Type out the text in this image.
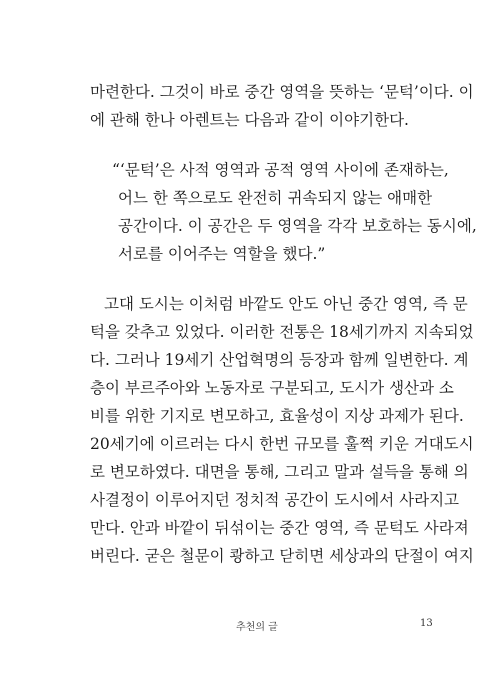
마련한다. 그것이 바로 중간 영역을 뜻하는 ‘문턱’이다. 이
에 관해 한나 아렌트는 다음과 같이 이야기한다.
“‘문턱’은 사적 영역과 공적 영역 사이에 존재하는,
어느 한 쪽으로도 완전히 귀속되지 않는 애매한
공간이다. 이 공간은 두 영역을 각각 보호하는 동시에,
서로를 이어주는 역할을 했다.”
고대 도시는 이처럼 바깥도 안도 아닌 중간 영역, 즉 문
턱을 갖추고 있었다. 이러한 전통은 18세기까지 지속되었
다. 그러나 19세기 산업혁명의 등장과 함께 일변한다. 계
층이 부르주아와 노동자로 구분되고, 도시가 생산과 소
비를 위한 기지로 변모하고, 효율성이 지상 과제가 된다.
20세기에 이르러는 다시 한번 규모를 훌쩍 키운 거대도시
로 변모하였다. 대면을 통해, 그리고 말과 설득을 통해 의
사결정이 이루어지던 정치적 공간이 도시에서 사라지고
만다. 안과 바깥이 뒤섞이는 중간 영역, 즉 문턱도 사라져
버린다. 굳은 철문이 쾅하고 닫히면 세상과의 단절이 여지
추천의 글	13
